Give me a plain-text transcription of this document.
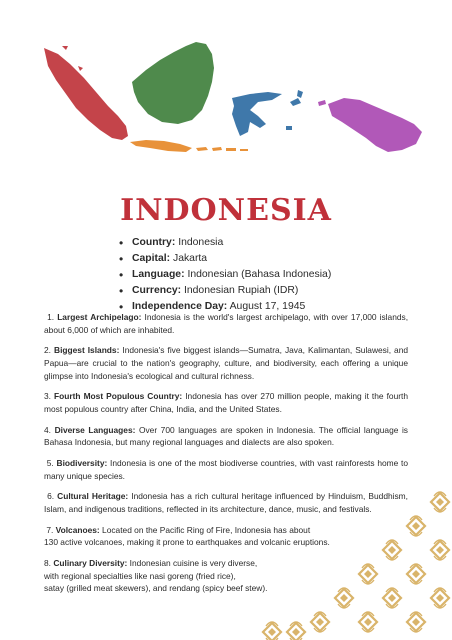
INDONESIA
• Country: Indonesia
• Capital: Jakarta
• Language: Indonesian (Bahasa Indonesia)
• Currency: Indonesian Rupiah (IDR)
• Independence Day: August 17, 1945

1. Largest Archipelago: Indonesia is the world's largest archipelago, with over 17,000 islands, about 6,000 of which are inhabited.

2. Biggest Islands: Indonesia's five biggest islands—Sumatra, Java, Kalimantan, Sulawesi, and Papua—are crucial to the nation's geography, culture, and biodiversity, each offering a unique glimpse into Indonesia's ecological and cultural richness.

3. Fourth Most Populous Country: Indonesia has over 270 million people, making it the fourth most populous country after China, India, and the United States.

4. Diverse Languages: Over 700 languages are spoken in Indonesia. The official language is Bahasa Indonesia, but many regional languages and dialects are also spoken.

5. Biodiversity: Indonesia is one of the most biodiverse countries, with vast rainforests home to many unique species.

6. Cultural Heritage: Indonesia has a rich cultural heritage influenced by Hinduism, Buddhism, Islam, and indigenous traditions, reflected in its architecture, dance, music, and festivals.

7. Volcanoes: Located on the Pacific Ring of Fire, Indonesia has about
130 active volcanoes, making it prone to earthquakes and volcanic eruptions.

8. Culinary Diversity: Indonesian cuisine is very diverse,
with regional specialties like nasi goreng (fried rice),
satay (grilled meat skewers), and rendang (spicy beef stew).
